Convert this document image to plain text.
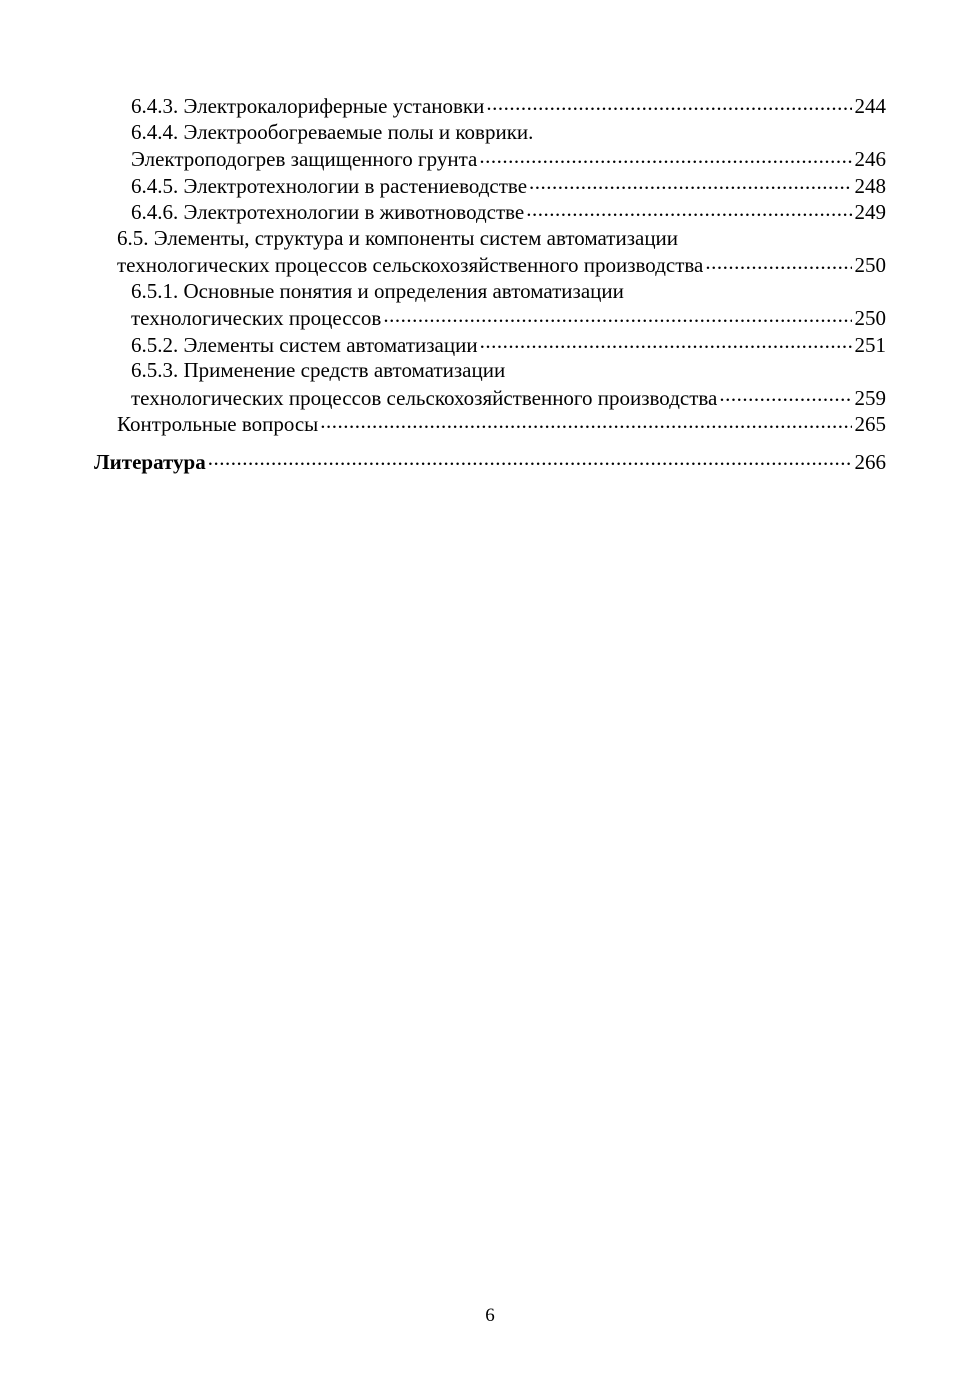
6.4.3. Электрокалориферные установки .....	244
6.4.4. Электрообогреваемые полы и коврики.
Электроподогрев защищенного грунта .....	246
6.4.5. Электротехнологии в растениеводстве .....	248
6.4.6. Электротехнологии в животноводстве .....	249
6.5. Элементы, структура и компоненты систем автоматизации
технологических процессов сельскохозяйственного производства .....	250
6.5.1. Основные понятия и определения автоматизации
технологических процессов .....	250
6.5.2. Элементы систем автоматизации .....	251
6.5.3. Применение средств автоматизации
технологических процессов сельскохозяйственного производства .....	259
Контрольные вопросы .....	265
Литература .....	266
6
